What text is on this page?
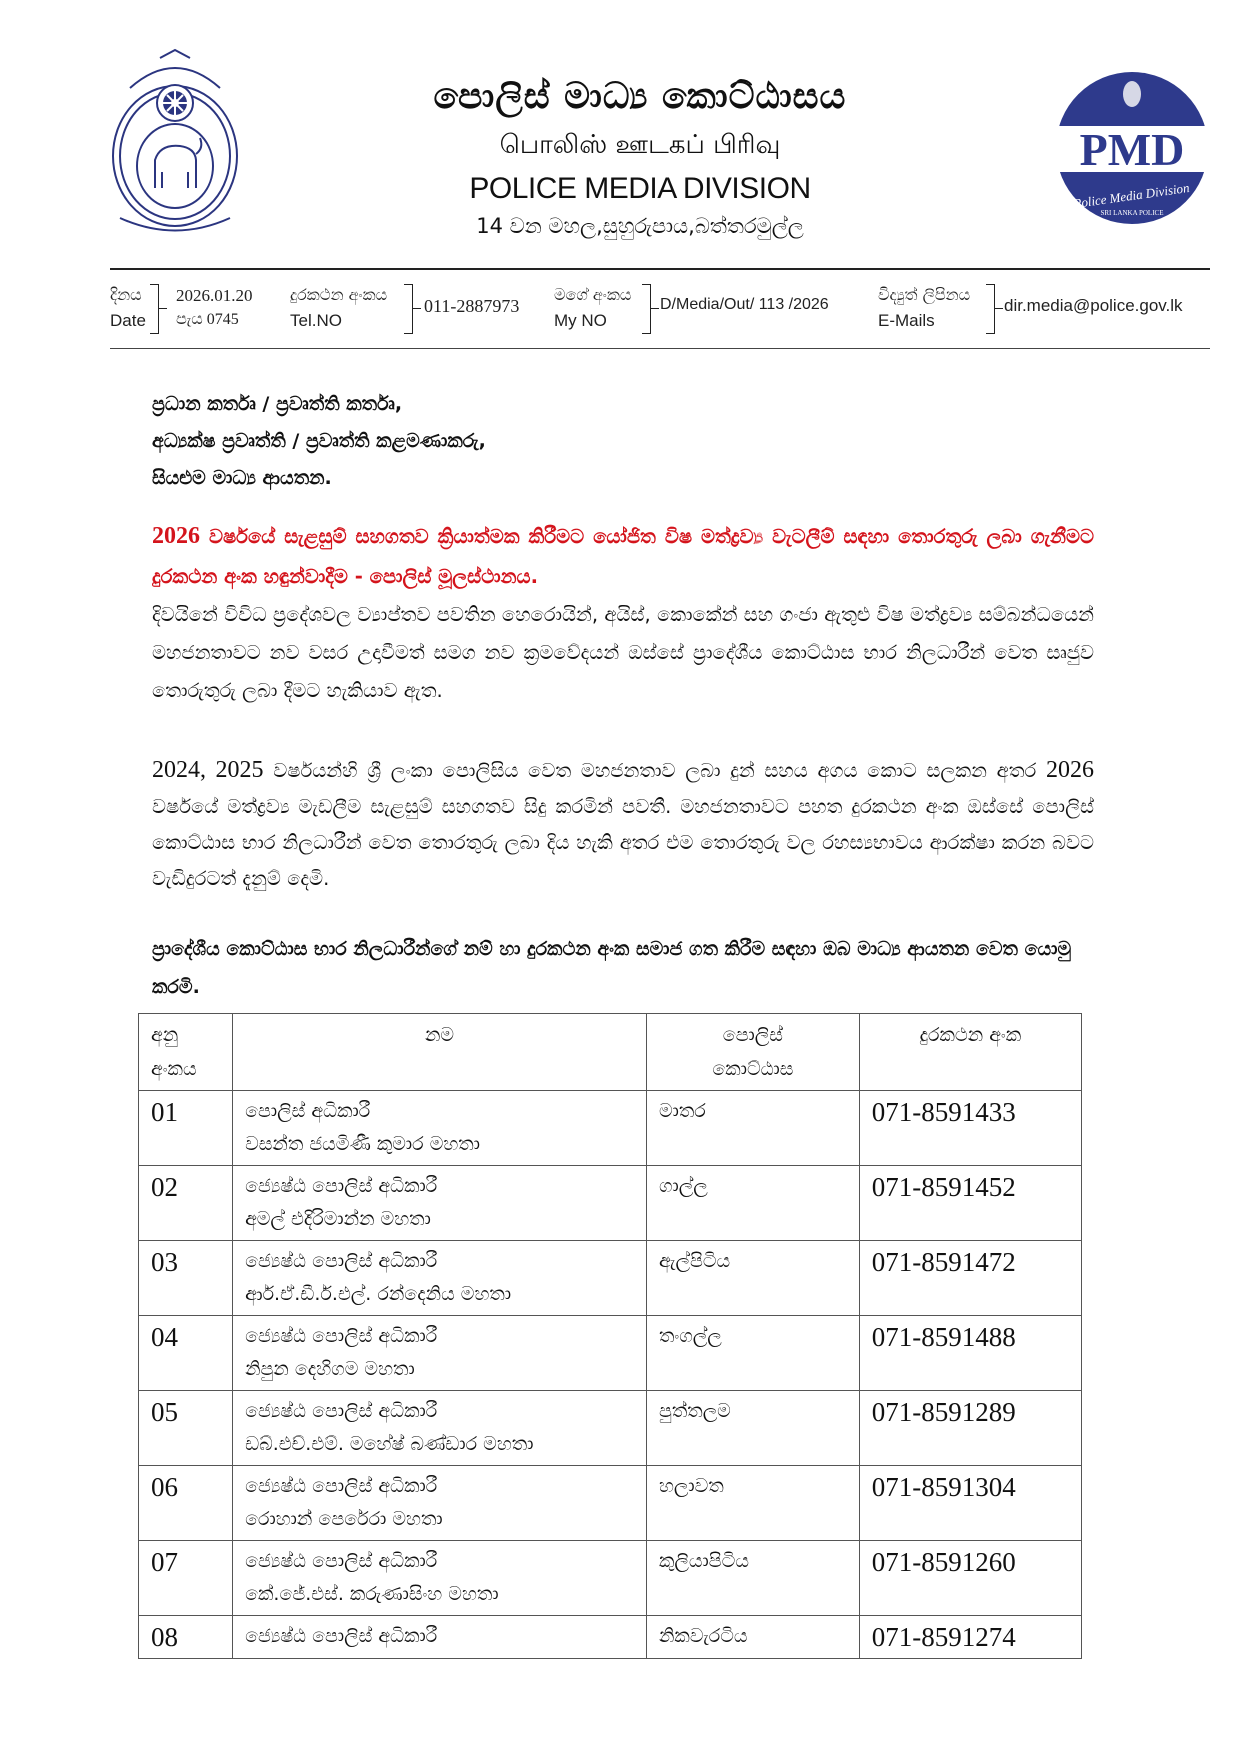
පොලිස් මාධ්‍ය කොට්ඨාසය
பொலிஸ் ஊடகப் பிரிவு
POLICE MEDIA DIVISION
14 වන මහල,සුහුරුපාය,බත්තරමුල්ල
PMD
Police Media Division
SRI LANKA POLICE
දිනය
Date
2026.01.20
පැය 0745
දුරකථන අංකය
Tel.NO
011-2887973
මගේ අංකය
My NO
D/Media/Out/ 113 /2026
විද්‍යුත් ලිපිනය
E-Mails
dir.media@police.gov.lk
ප්‍රධාන කර්තෘ / ප්‍රවෘත්ති කර්තෘ,
අධ්‍යක්ෂ ප්‍රවෘත්ති / ප්‍රවෘත්ති කළමණාකරු,
සියළුම මාධ්‍ය ආයතන.
2026 වර්ෂයේ සැළසුම් සහගතව ක්‍රියාත්මක කිරීමට යෝජිත විෂ මත්ද්‍රව්‍ය වැටලීම් සඳහා තොරතුරු ලබා ගැනීමට දුරකථන අංක හඳුන්වාදීම - පොලිස් මූලස්ථානය.
දිවයිනේ විවිධ ප්‍රදේශවල ව්‍යාප්තව පවතින හෙරොයින්, අයිස්, කොකේන් සහ ගංජා ඇතුළු විෂ මත්ද්‍රව්‍ය සම්බන්ධයෙන් මහජනතාවට නව වසර උදාවීමත් සමග නව ක්‍රමවේදයන් ඔස්සේ ප්‍රාදේශීය කොට්ඨාස භාර නිලධාරීන් වෙත සෘජුව තොරුතුරු ලබා දීමට හැකියාව ඇත.
2024, 2025 වර්ෂයන්හි ශ්‍රී ලංකා පොලිසිය වෙත මහජනතාව ලබා දුන් සහය අගය කොට සලකන අතර 2026 වර්ෂයේ මත්ද්‍රව්‍ය මැඩලීම සැළසුම් සහගතව සිදු කරමින් පවතී. මහජනතාවට පහත දුරකථන අංක ඔස්සේ පොලිස් කොට්ඨාස භාර නිලධාරීන් වෙත තොරතුරු ලබා දිය හැකි අතර එම තොරතුරු වල රහස්‍යභාවය ආරක්ෂා කරන බවට වැඩිදුරටත් දැනුම් දෙමි.
ප්‍රාදේශීය කොට්ඨාස භාර නිලධාරීන්ගේ නම් හා දුරකථන අංක සමාජ ගත කිරීම සඳහා ඔබ මාධ්‍ය ආයතන වෙත යොමු කරමි.
අනු
අංකය
	නම	පොලිස්
කොට්ඨාස
	දුරකථන අංක
01	පොලිස් අධිකාරී
වසන්ත ජයමිණී කුමාර මහතා	මාතර	071-8591433
02	ජ්‍යෙෂ්ඨ පොලිස් අධිකාරී
අමල් එදිරිමාන්න මහතා	ගාල්ල	071-8591452
03	ජ්‍යෙෂ්ඨ පොලිස් අධිකාරී
ආර්.ඒ.ඩී.ර්.එල්. රන්දෙනිය මහතා	ඇල්පිටිය	071-8591472
04	ජ්‍යෙෂ්ඨ පොලිස් අධිකාරී
නිපුන දෙහිගම මහතා	තංගල්ල	071-8591488
05	ජ්‍යෙෂ්ඨ පොලිස් අධිකාරී
ඩබ්.එච්.එම්. මහේෂ් බණ්ඩාර මහතා	පුත්තලම	071-8591289
06	ජ්‍යෙෂ්ඨ පොලිස් අධිකාරී
රොහාන් පෙරේරා මහතා	හලාවත	071-8591304
07	ජ්‍යෙෂ්ඨ පොලිස් අධිකාරී
කේ.ජේ.එස්. කරුණාසිංහ මහතා	කුලියාපිටිය	071-8591260
08	ජ්‍යෙෂ්ඨ පොලිස් අධිකාරී	නිකවැරටිය	071-8591274
